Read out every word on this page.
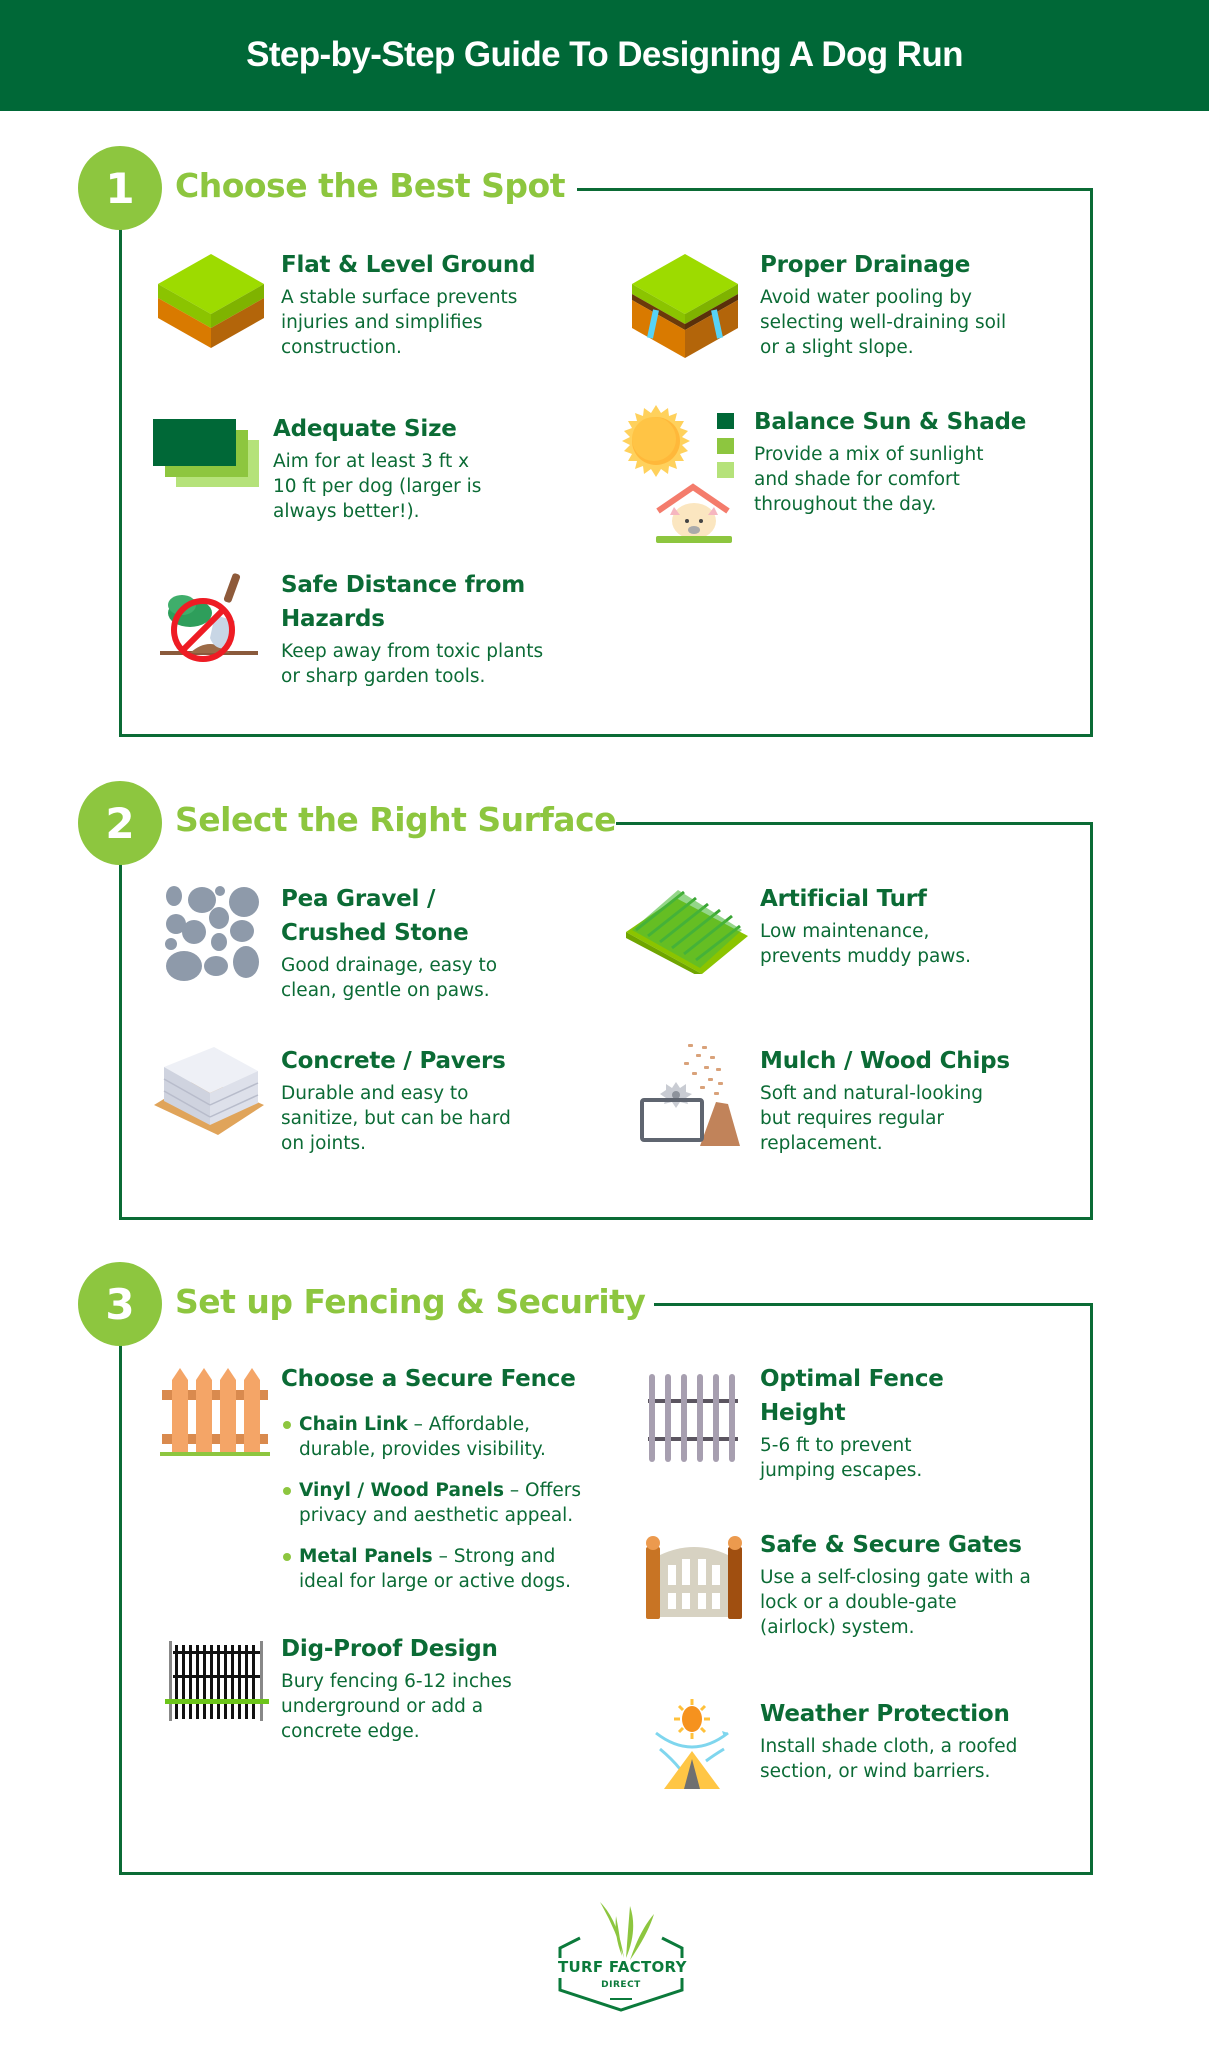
Step-by-Step Guide To Designing A Dog Run
1	Choose the Best Spot
Flat & Level Ground
A stable surface prevents
injuries and simplifies
construction.
Proper Drainage
Avoid water pooling by
selecting well-draining soil
or a slight slope.
Adequate Size
Aim for at least 3 ft x
10 ft per dog (larger is
always better!).
Balance Sun & Shade
Provide a mix of sunlight
and shade for comfort
throughout the day.
Safe Distance from
Hazards
Keep away from toxic plants
or sharp garden tools.
2	Select the Right Surface
Pea Gravel /
Crushed Stone
Good drainage, easy to
clean, gentle on paws.
Artificial Turf
Low maintenance,
prevents muddy paws.
Concrete / Pavers
Durable and easy to
sanitize, but can be hard
on joints.
Mulch / Wood Chips
Soft and natural-looking
but requires regular
replacement.
3	Set up Fencing & Security
Choose a Secure Fence
Chain Link – Affordable,
durable, provides visibility.
Vinyl / Wood Panels – Offers
privacy and aesthetic appeal.
Metal Panels – Strong and
ideal for large or active dogs.
Optimal Fence
Height
5-6 ft to prevent
jumping escapes.
Safe & Secure Gates
Use a self-closing gate with a
lock or a double-gate
(airlock) system.
Dig-Proof Design
Bury fencing 6-12 inches
underground or add a
concrete edge.
Weather Protection
Install shade cloth, a roofed
section, or wind barriers.
TURF FACTORY
DIRECT
